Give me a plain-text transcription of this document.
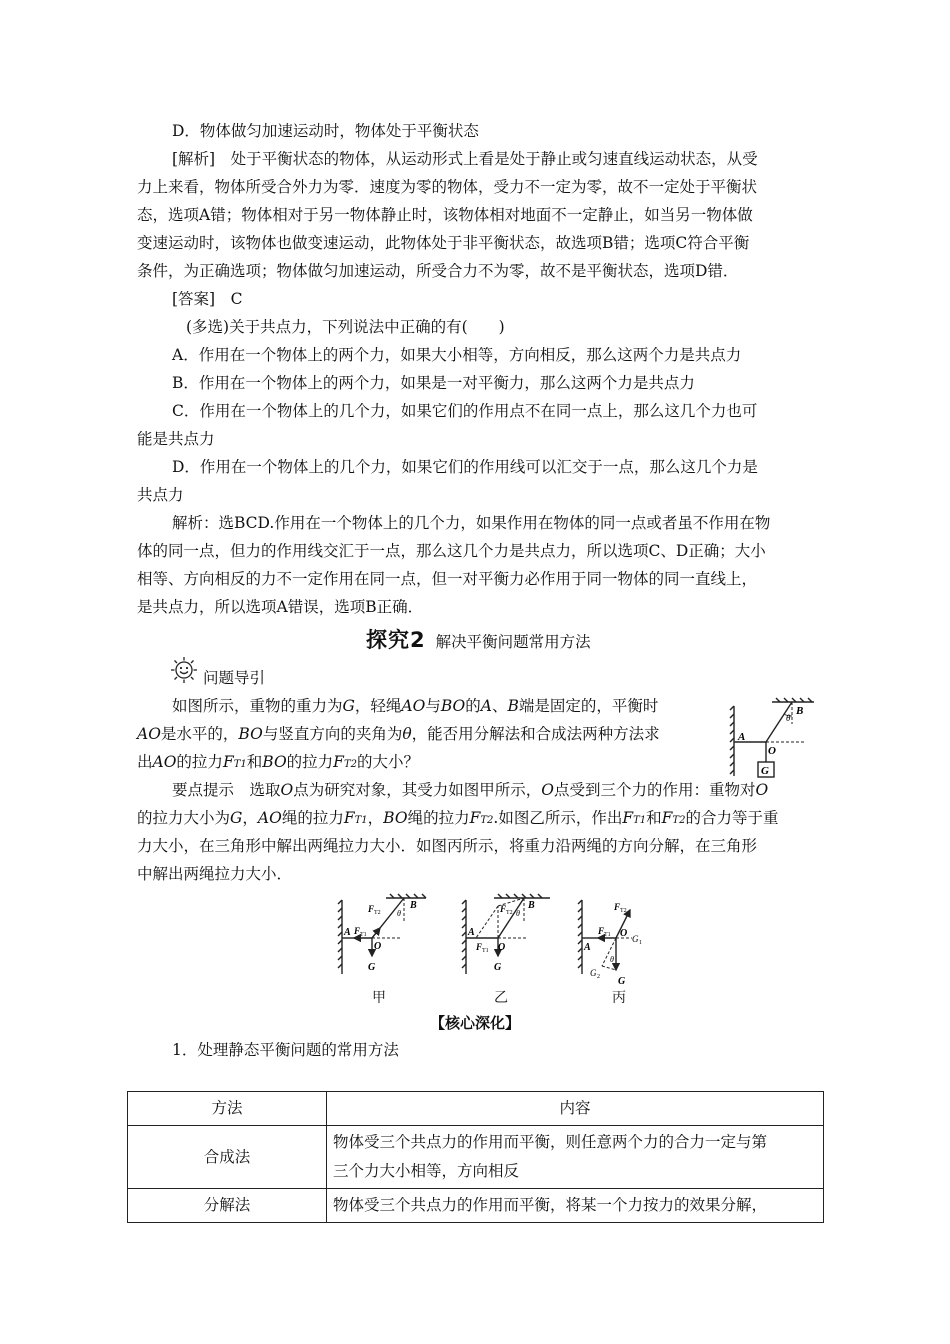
D．物体做匀加速运动时，物体处于平衡状态
[解析]　处于平衡状态的物体，从运动形式上看是处于静止或匀速直线运动状态，从受
力上来看，物体所受合外力为零．速度为零的物体，受力不一定为零，故不一定处于平衡状
态，选项A错；物体相对于另一物体静止时，该物体相对地面不一定静止，如当另一物体做
变速运动时，该物体也做变速运动，此物体处于非平衡状态，故选项B错；选项C符合平衡
条件，为正确选项；物体做匀加速运动，所受合力不为零，故不是平衡状态，选项D错．
[答案]　C
(多选)关于共点力，下列说法中正确的有(　　)
A．作用在一个物体上的两个力，如果大小相等，方向相反，那么这两个力是共点力
B．作用在一个物体上的两个力，如果是一对平衡力，那么这两个力是共点力
C．作用在一个物体上的几个力，如果它们的作用点不在同一点上，那么这几个力也可
能是共点力
D．作用在一个物体上的几个力，如果它们的作用线可以汇交于一点，那么这几个力是
共点力
解析：选BCD.作用在一个物体上的几个力，如果作用在物体的同一点或者虽不作用在物
体的同一点，但力的作用线交汇于一点，那么这几个力是共点力，所以选项C、D正确；大小
相等、方向相反的力不一定作用在同一点，但一对平衡力必作用于同一物体的同一直线上，
是共点力，所以选项A错误，选项B正确．
探究2 解决平衡问题常用方法
问题导引
如图所示，重物的重力为G，轻绳AO与BO的A、B端是固定的，平衡时
AO是水平的，BO与竖直方向的夹角为θ，能否用分解法和合成法两种方法求
出AO的拉力FT1和BO的拉力FT2的大小？
A
B
O
G
θ
要点提示　选取O点为研究对象，其受力如图甲所示，O点受到三个力的作用：重物对O
的拉力大小为G，AO绳的拉力FT1，BO绳的拉力FT2.如图乙所示，作出FT1和FT2的合力等于重
力大小，在三角形中解出两绳拉力大小．如图丙所示，将重力沿两绳的方向分解，在三角形
中解出两绳拉力大小．
A
B
O
G
θ
F T1
F T2
甲
A
B
O
G
θ
F T1
F T2
乙
A
O
G
G 1
G 2
θ
F T1
F T2
丙
【核心深化】
1．处理静态平衡问题的常用方法
方法	内容
合成法	物体受三个共点力的作用而平衡，则任意两个力的合力一定与第
三个力大小相等，方向相反

分解法	物体受三个共点力的作用而平衡，将某一个力按力的效果分解，
